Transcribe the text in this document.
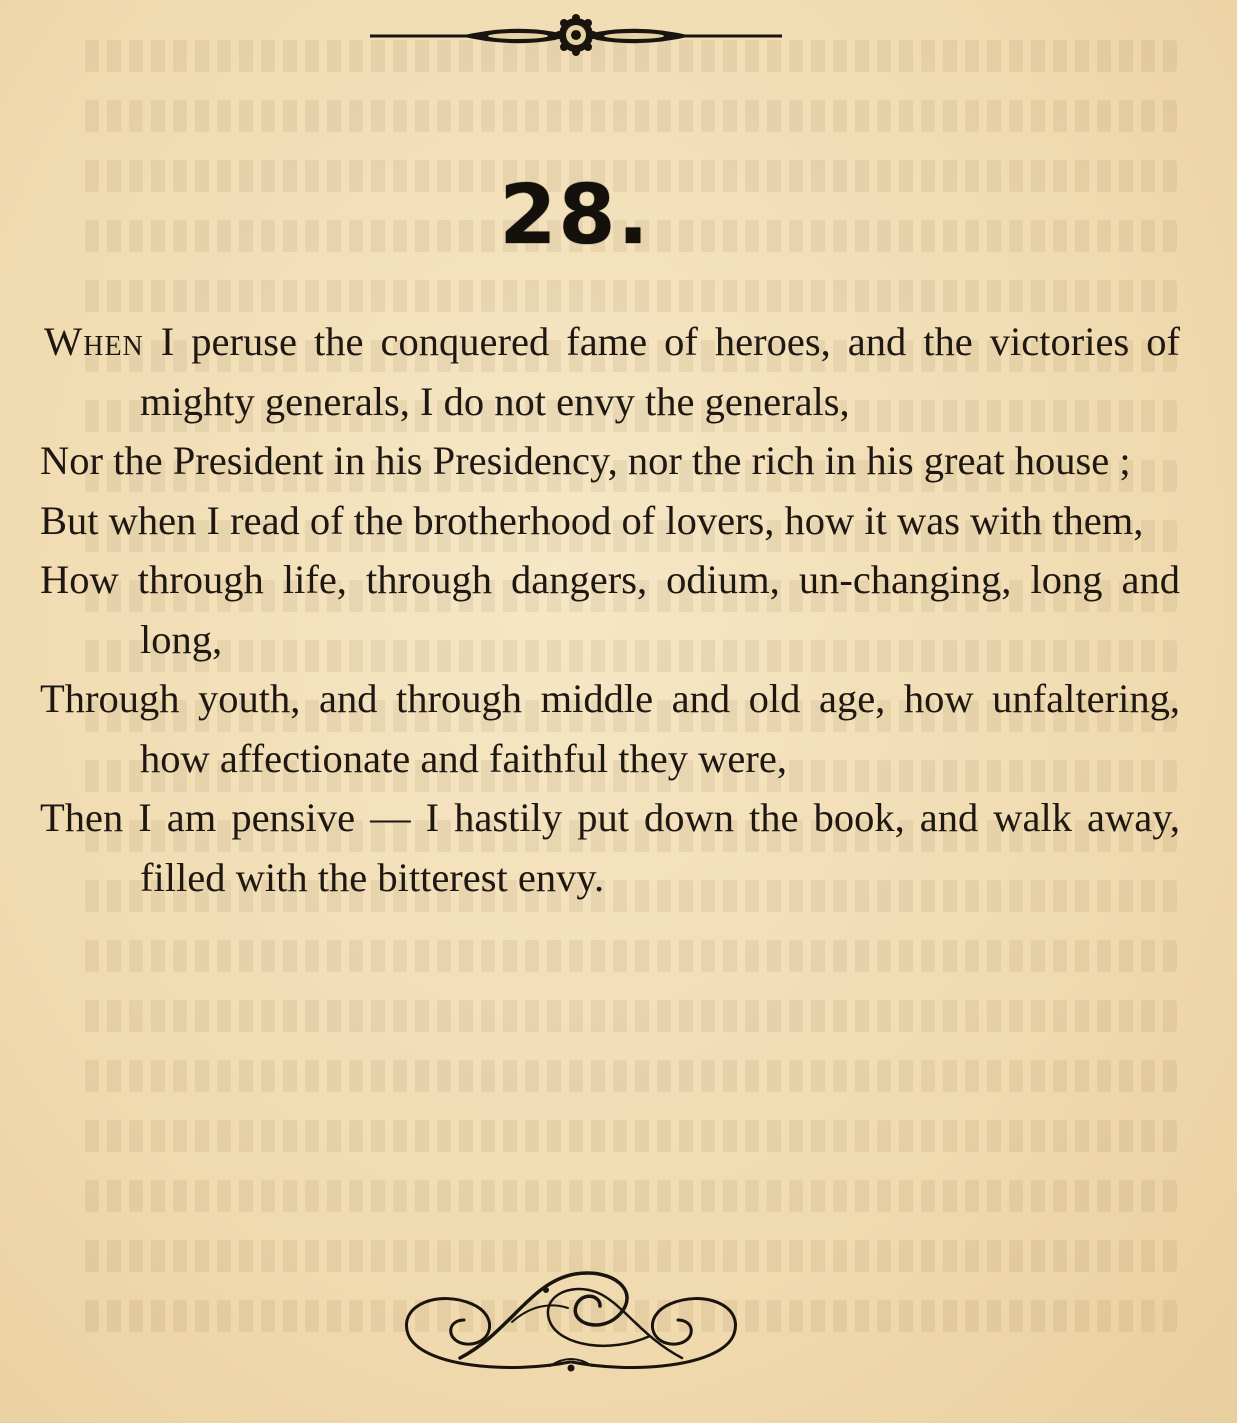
28.
When I peruse the conquered fame of heroes, and the victories of mighty generals, I do not envy the generals,
Nor the President in his Presidency, nor the rich in his great house ;
But when I read of the brotherhood of lovers, how it was with them,
How through life, through dangers, odium, un-changing, long and long,
Through youth, and through middle and old age, how unfaltering, how affectionate and faithful they were,
Then I am pensive — I hastily put down the book, and walk away, filled with the bitterest envy.
